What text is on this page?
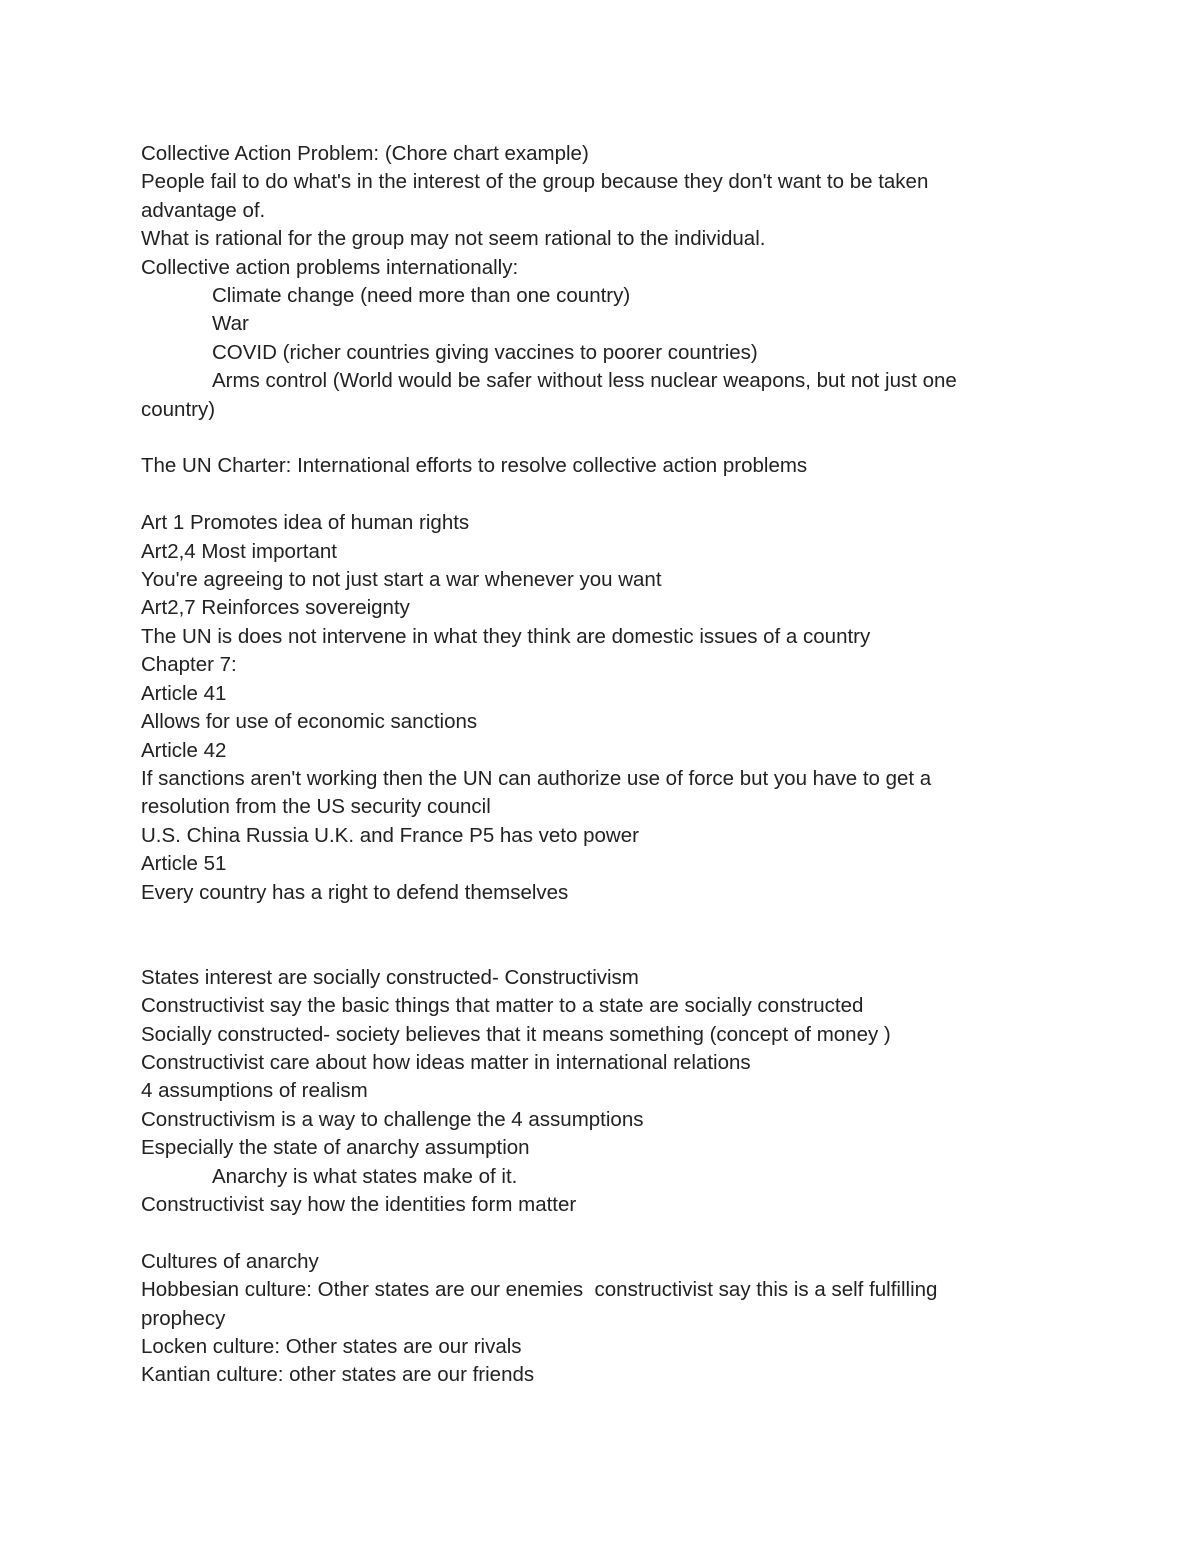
Collective Action Problem: (Chore chart example)
People fail to do what's in the interest of the group because they don't want to be taken
advantage of.
What is rational for the group may not seem rational to the individual.
Collective action problems internationally:
Climate change (need more than one country)
War
COVID (richer countries giving vaccines to poorer countries)
Arms control (World would be safer without less nuclear weapons, but not just one
country)
The UN Charter: International efforts to resolve collective action problems
Art 1 Promotes idea of human rights
Art2,4 Most important
You're agreeing to not just start a war whenever you want
Art2,7 Reinforces sovereignty
The UN is does not intervene in what they think are domestic issues of a country
Chapter 7:
Article 41
Allows for use of economic sanctions
Article 42
If sanctions aren't working then the UN can authorize use of force but you have to get a
resolution from the US security council
U.S. China Russia U.K. and France P5 has veto power
Article 51
Every country has a right to defend themselves
States interest are socially constructed- Constructivism
Constructivist say the basic things that matter to a state are socially constructed
Socially constructed- society believes that it means something (concept of money )
Constructivist care about how ideas matter in international relations
4 assumptions of realism
Constructivism is a way to challenge the 4 assumptions
Especially the state of anarchy assumption
Anarchy is what states make of it.
Constructivist say how the identities form matter
Cultures of anarchy
Hobbesian culture: Other states are our enemies  constructivist say this is a self fulfilling
prophecy
Locken culture: Other states are our rivals
Kantian culture: other states are our friends
